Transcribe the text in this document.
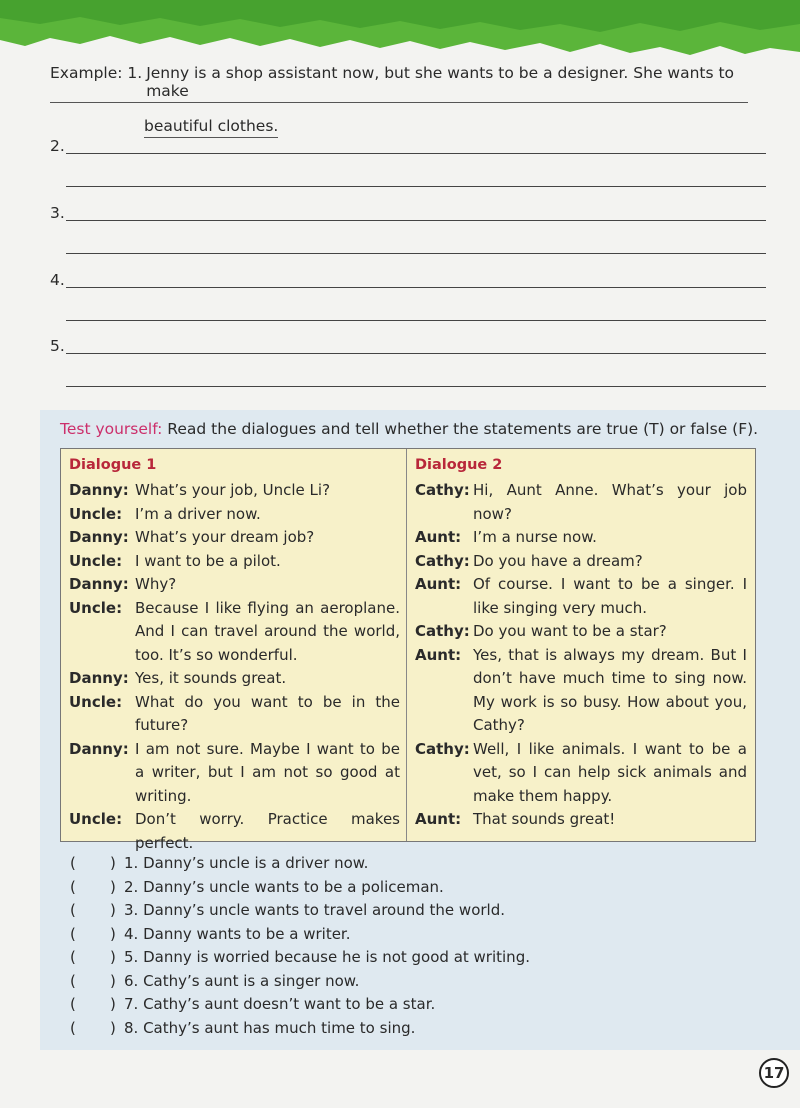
Example: 1. Jenny is a shop assistant now, but she wants to be a designer. She wants to make
beautiful clothes.
2.
3.
4.
5.
Test yourself: Read the dialogues and tell whether the statements are true (T) or false (F).
Dialogue 1
Danny: What’s your job, Uncle Li?
Uncle: I’m a driver now.
Danny: What’s your dream job?
Uncle: I want to be a pilot.
Danny: Why?
Uncle: Because I like flying an aeroplane. And I can travel around the world, too. It’s so wonderful.
Danny: Yes, it sounds great.
Uncle: What do you want to be in the future?
Danny: I am not sure. Maybe I want to be a writer, but I am not so good at writing.
Uncle: Don’t worry. Practice makes perfect.
Dialogue 2
Cathy: Hi, Aunt Anne. What’s your job now?
Aunt: I’m a nurse now.
Cathy: Do you have a dream?
Aunt: Of course. I want to be a singer. I like singing very much.
Cathy: Do you want to be a star?
Aunt: Yes, that is always my dream. But I don’t have much time to sing now. My work is so busy. How about you, Cathy?
Cathy: Well, I like animals. I want to be a vet, so I can help sick animals and make them happy.
Aunt: That sounds great!
(	) 1. Danny’s uncle is a driver now.
(	) 2. Danny’s uncle wants to be a policeman.
(	) 3. Danny’s uncle wants to travel around the world.
(	) 4. Danny wants to be a writer.
(	) 5. Danny is worried because he is not good at writing.
(	) 6. Cathy’s aunt is a singer now.
(	) 7. Cathy’s aunt doesn’t want to be a star.
(	) 8. Cathy’s aunt has much time to sing.
17
